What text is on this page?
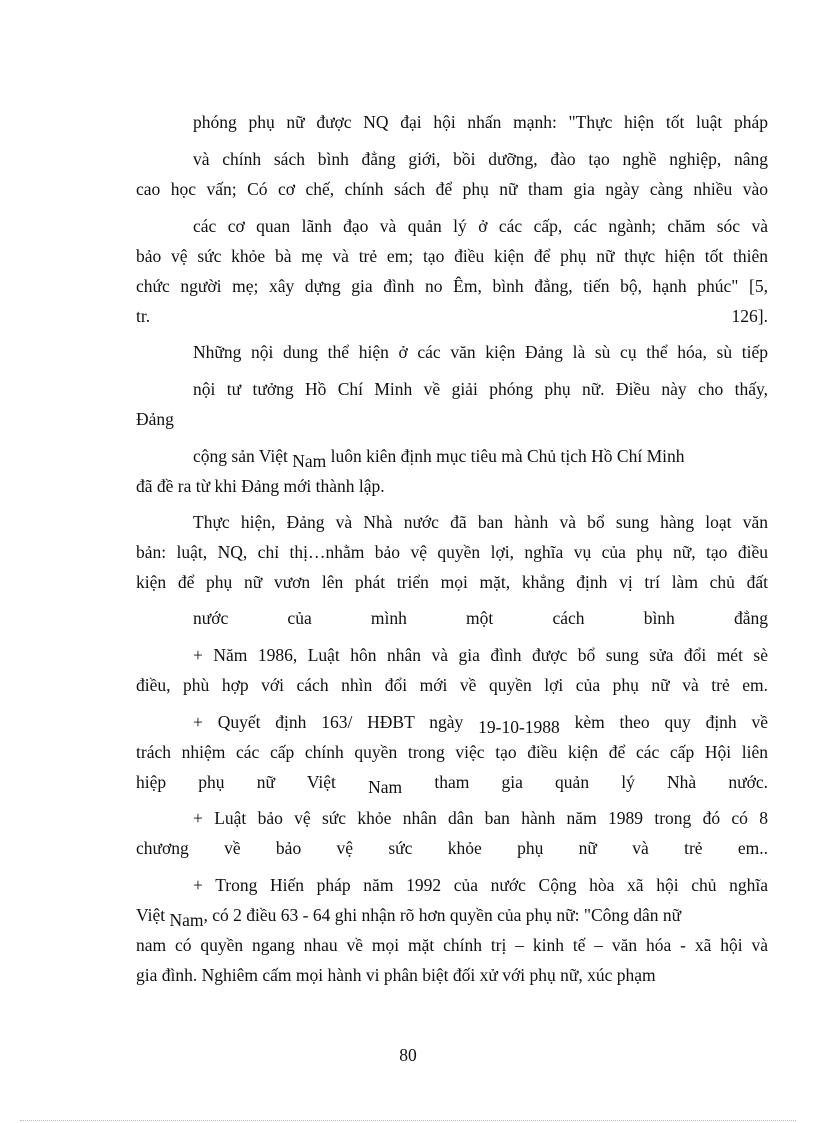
phóng phụ nữ được NQ đại hội nhấn mạnh: "Thực hiện tốt luật pháp
và chính sách bình đẳng giới, bồi dưỡng, đào tạo nghề nghiệp, nâng
cao học vấn; Có cơ chế, chính sách để phụ nữ tham gia ngày càng nhiều vào
các cơ quan lãnh đạo và quản lý ở các cấp, các ngành; chăm sóc và
bảo vệ sức khỏe bà mẹ và trẻ em; tạo điều kiện để phụ nữ thực hiện tốt thiên
chức người mẹ; xây dựng gia đình no Êm, bình đẳng, tiến bộ, hạnh phúc" [5,
tr. 126].
Những nội dung thể hiện ở các văn kiện Đảng là sù cụ thể hóa, sù tiếp
nội tư tưởng Hồ Chí Minh về giải phóng phụ nữ. Điều này cho thấy,
Đảng
cộng sản Việt Nam luôn kiên định mục tiêu mà Chủ tịch Hồ Chí Minh
đã đề ra từ khi Đảng mới thành lập.
Thực hiện, Đảng và Nhà nước đã ban hành và bổ sung hàng loạt văn
bản: luật, NQ, chỉ thị…nhằm bảo vệ quyền lợi, nghĩa vụ của phụ nữ, tạo điều
kiện để phụ nữ vươn lên phát triển mọi mặt, khẳng định vị trí làm chủ đất
nước của mình một cách bình đẳng
+ Năm 1986, Luật hôn nhân và gia đình được bổ sung sửa đổi mét sè
điều, phù hợp với cách nhìn đổi mới về quyền lợi của phụ nữ và trẻ em.
+ Quyết định 163/ HĐBT ngày 19-10-1988 kèm theo quy định về
trách nhiệm các cấp chính quyền trong việc tạo điều kiện để các cấp Hội liên
hiệp phụ nữ Việt Nam tham gia quản lý Nhà nước.
+ Luật bảo vệ sức khỏe nhân dân ban hành năm 1989 trong đó có 8
chương về bảo vệ sức khỏe phụ nữ và trẻ em..
+ Trong Hiến pháp năm 1992 của nước Cộng hòa xã hội chủ nghĩa
Việt Nam, có 2 điều 63 - 64 ghi nhận rõ hơn quyền của phụ nữ: "Công dân nữ
nam có quyền ngang nhau về mọi mặt chính trị – kinh tế – văn hóa - xã hội và
gia đình. Nghiêm cấm mọi hành vi phân biệt đối xử với phụ nữ, xúc phạm
80
